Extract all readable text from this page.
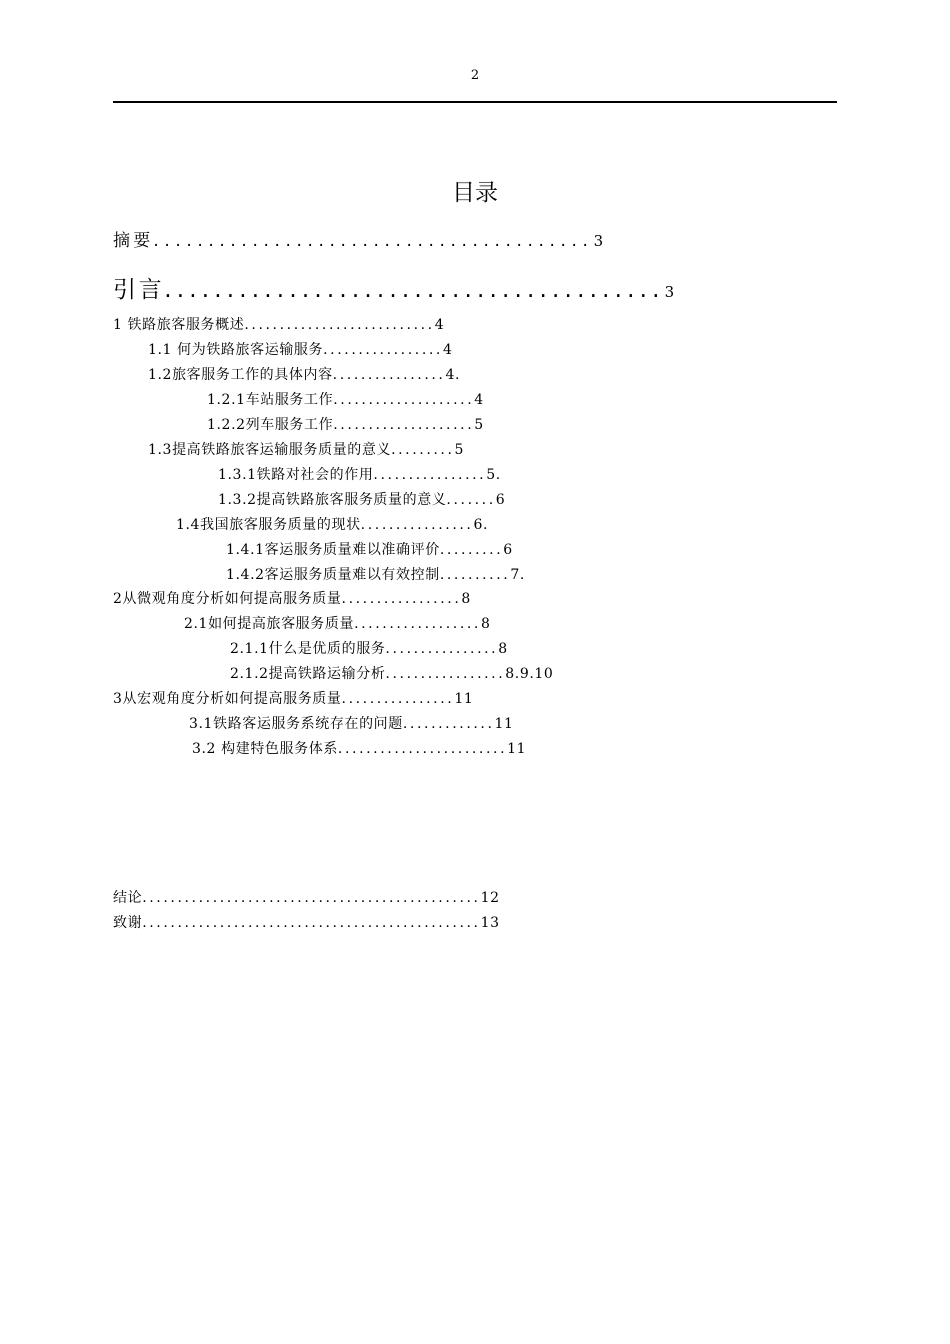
2
目录
摘要........................................3
引言........................................3
1 铁路旅客服务概述...........................4
1.1 何为铁路旅客运输服务.................4
1.2旅客服务工作的具体内容................4.
1.2.1车站服务工作....................4
1.2.2列车服务工作....................5
1.3提高铁路旅客运输服务质量的意义.........5
1.3.1铁路对社会的作用................5.
1.3.2提高铁路旅客服务质量的意义.......6
1.4我国旅客服务质量的现状................6.
1.4.1客运服务质量难以准确评价.........6
1.4.2客运服务质量难以有效控制..........7.
2从微观角度分析如何提高服务质量.................8
2.1如何提高旅客服务质量..................8
2.1.1什么是优质的服务................8
2.1.2提高铁路运输分析.................8.9.10
3从宏观角度分析如何提高服务质量................11
3.1铁路客运服务系统存在的问题.............11
3.2 构建特色服务体系........................11
结论................................................12
致谢................................................13
